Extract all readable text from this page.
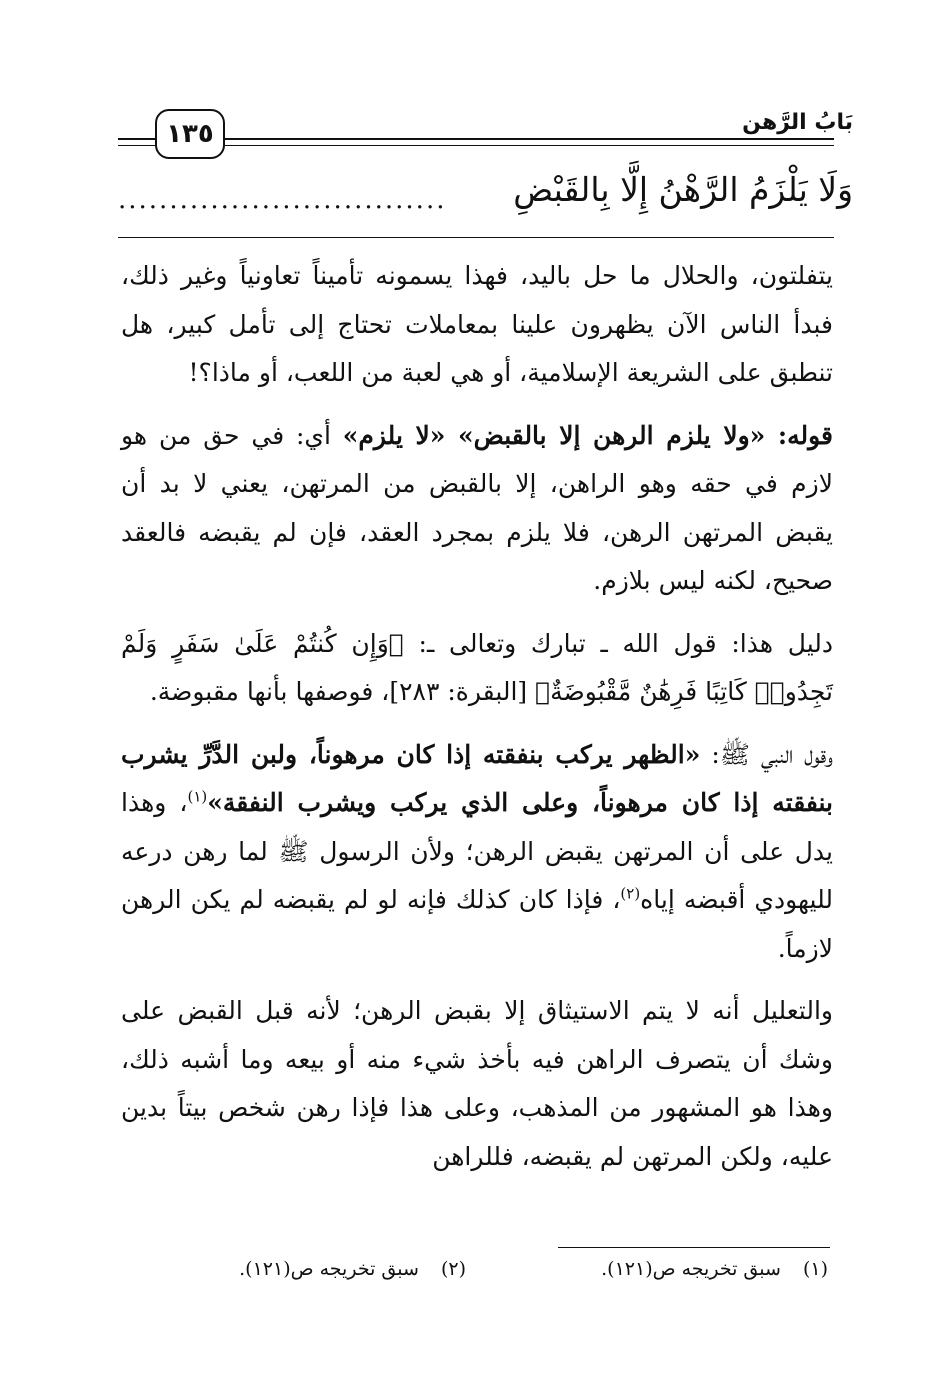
بَابُ الرَّهن
١٣٥
وَلَا يَلْزَمُ الرَّهْنُ إِلَّا بِالقَبْضِ
................................

يتفلتون، والحلال ما حل باليد، فهذا يسمونه تأميناً تعاونياً وغير ذلك، فبدأ الناس الآن يظهرون علينا بمعاملات تحتاج إلى تأمل كبير، هل تنطبق على الشريعة الإسلامية، أو هي لعبة من اللعب، أو ماذا؟!

قوله: «ولا يلزم الرهن إلا بالقبض» «لا يلزم» أي: في حق من هو لازم في حقه وهو الراهن، إلا بالقبض من المرتهن، يعني لا بد أن يقبض المرتهن الرهن، فلا يلزم بمجرد العقد، فإن لم يقبضه فالعقد صحيح، لكنه ليس بلازم.

دليل هذا: قول الله ـ تبارك وتعالى ـ: ﴿وَإِن كُنتُمْ عَلَىٰ سَفَرٍ وَلَمْ تَجِدُوا۟ كَاتِبًا فَرِهَٰنٌ مَّقْبُوضَةٌ﴾ [البقرة: ٢٨٣]، فوصفها بأنها مقبوضة.

وقول النبي ﷺ: «الظهر يركب بنفقته إذا كان مرهوناً، ولبن الدَّرِّ يشرب بنفقته إذا كان مرهوناً، وعلى الذي يركب ويشرب النفقة»$^{(١)}$، وهذا يدل على أن المرتهن يقبض الرهن؛ ولأن الرسول ﷺ لما رهن درعه لليهودي أقبضه إياه$^{(٢)}$، فإذا كان كذلك فإنه لو لم يقبضه لم يكن الرهن لازماً.

والتعليل أنه لا يتم الاستيثاق إلا بقبض الرهن؛ لأنه قبل القبض على وشك أن يتصرف الراهن فيه بأخذ شيء منه أو بيعه وما أشبه ذلك، وهذا هو المشهور من المذهب، وعلى هذا فإذا رهن شخص بيتاً بدين عليه، ولكن المرتهن لم يقبضه، فللراهن

(١)سبق تخريجه ص(١٢١).
(٢)سبق تخريجه ص(١٢١).
